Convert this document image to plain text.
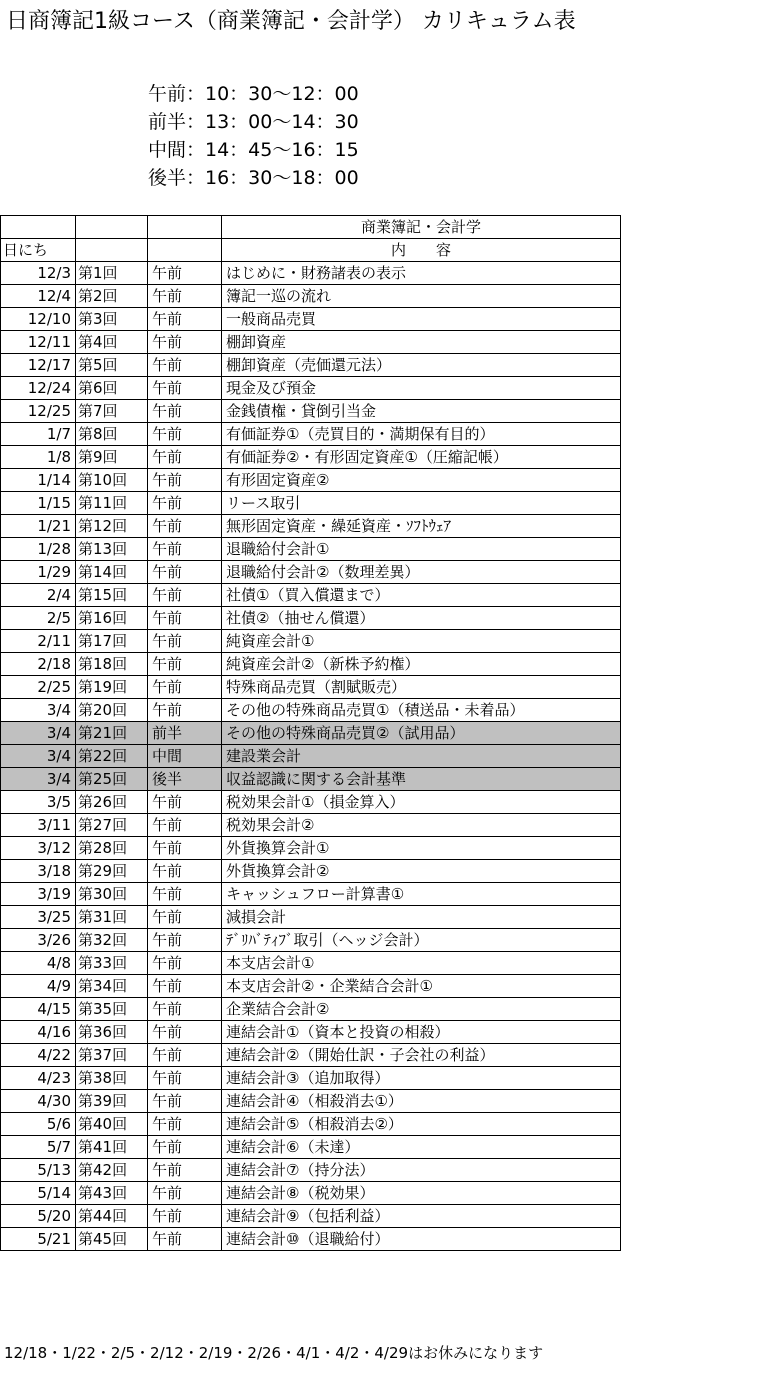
日商簿記1級コース（商業簿記・会計学） カリキュラム表
午前：10：30～12：00
前半：13：00～14：30
中間：14：45～16：15
後半：16：30～18：00
			商業簿記・会計学
日にち			内　　容
12/3	第1回	午前	はじめに・財務諸表の表示
12/4	第2回	午前	簿記一巡の流れ
12/10	第3回	午前	一般商品売買
12/11	第4回	午前	棚卸資産
12/17	第5回	午前	棚卸資産（売価還元法）
12/24	第6回	午前	現金及び預金
12/25	第7回	午前	金銭債権・貸倒引当金
1/7	第8回	午前	有価証券①（売買目的・満期保有目的）
1/8	第9回	午前	有価証券②・有形固定資産①（圧縮記帳）
1/14	第10回	午前	有形固定資産②
1/15	第11回	午前	リース取引
1/21	第12回	午前	無形固定資産・繰延資産・ｿﾌﾄｳｪｱ
1/28	第13回	午前	退職給付会計①
1/29	第14回	午前	退職給付会計②（数理差異）
2/4	第15回	午前	社債①（買入償還まで）
2/5	第16回	午前	社債②（抽せん償還）
2/11	第17回	午前	純資産会計①
2/18	第18回	午前	純資産会計②（新株予約権）
2/25	第19回	午前	特殊商品売買（割賦販売）
3/4	第20回	午前	その他の特殊商品売買①（積送品・未着品）
3/4	第21回	前半	その他の特殊商品売買②（試用品）
3/4	第22回	中間	建設業会計
3/4	第25回	後半	収益認識に関する会計基準
3/5	第26回	午前	税効果会計①（損金算入）
3/11	第27回	午前	税効果会計②
3/12	第28回	午前	外貨換算会計①
3/18	第29回	午前	外貨換算会計②
3/19	第30回	午前	キャッシュフロー計算書①
3/25	第31回	午前	減損会計
3/26	第32回	午前	ﾃﾞﾘﾊﾞﾃｨﾌﾞ取引（ヘッジ会計）
4/8	第33回	午前	本支店会計①
4/9	第34回	午前	本支店会計②・企業結合会計①
4/15	第35回	午前	企業結合会計②
4/16	第36回	午前	連結会計①（資本と投資の相殺）
4/22	第37回	午前	連結会計②（開始仕訳・子会社の利益）
4/23	第38回	午前	連結会計③（追加取得）
4/30	第39回	午前	連結会計④（相殺消去①）
5/6	第40回	午前	連結会計⑤（相殺消去②）
5/7	第41回	午前	連結会計⑥（未達）
5/13	第42回	午前	連結会計⑦（持分法）
5/14	第43回	午前	連結会計⑧（税効果）
5/20	第44回	午前	連結会計⑨（包括利益）
5/21	第45回	午前	連結会計⑩（退職給付）
12/18・1/22・2/5・2/12・2/19・2/26・4/1・4/2・4/29はお休みになります
